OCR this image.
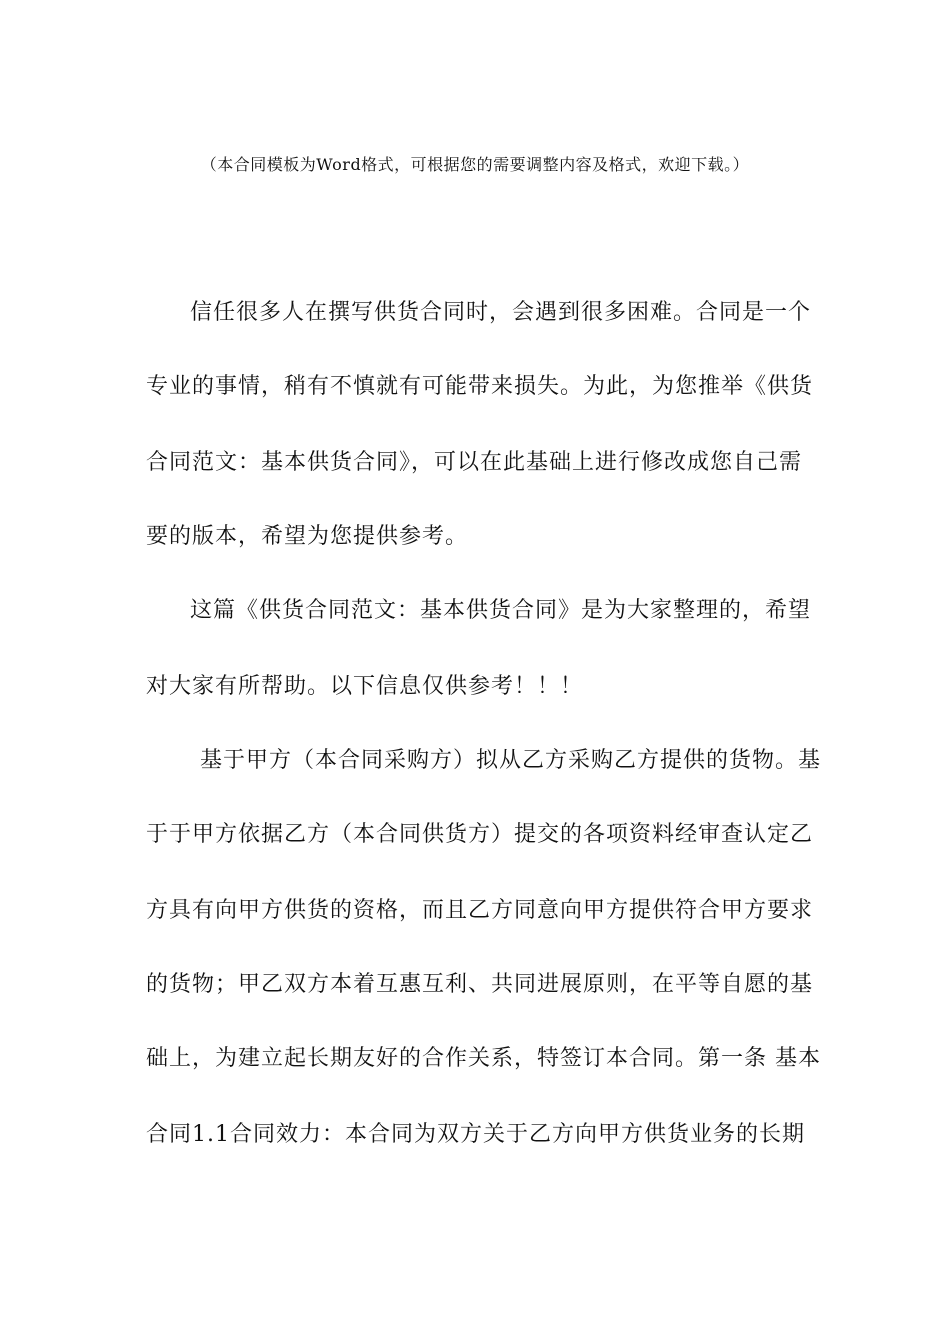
（本合同模板为Word格式，可根据您的需要调整内容及格式，欢迎下载。）
信任很多人在撰写供货合同时，会遇到很多困难。合同是一个
专业的事情，稍有不慎就有可能带来损失。为此，为您推举《供货
合同范文：基本供货合同》，可以在此基础上进行修改成您自己需
要的版本，希望为您提供参考。
这篇《供货合同范文：基本供货合同》是为大家整理的，希望
对大家有所帮助。以下信息仅供参考！！！
基于甲方（本合同采购方）拟从乙方采购乙方提供的货物。基
于于甲方依据乙方（本合同供货方）提交的各项资料经审查认定乙
方具有向甲方供货的资格，而且乙方同意向甲方提供符合甲方要求
的货物；甲乙双方本着互惠互利、共同进展原则，在平等自愿的基
础上，为建立起长期友好的合作关系，特签订本合同。第一条 基本
合同1.1合同效力：本合同为双方关于乙方向甲方供货业务的长期
